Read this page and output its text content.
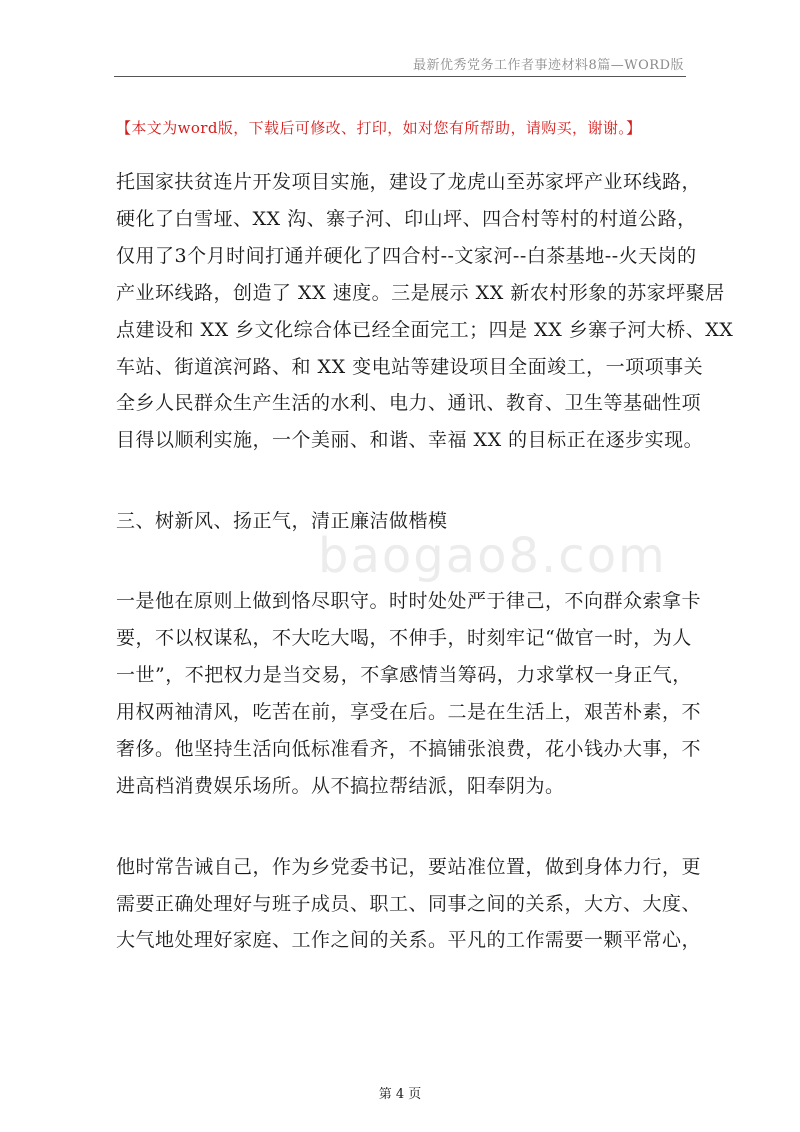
最新优秀党务工作者事迹材料8篇—WORD版
【本文为word版，下载后可修改、打印，如对您有所帮助，请购买，谢谢。】
托国家扶贫连片开发项目实施，建设了龙虎山至苏家坪产业环线路，
硬化了白雪垭、XX 沟、寨子河、印山坪、四合村等村的村道公路，
仅用了3个月时间打通并硬化了四合村--文家河--白茶基地--火天岗的
产业环线路，创造了 XX 速度。三是展示 XX 新农村形象的苏家坪聚居
点建设和 XX 乡文化综合体已经全面完工；四是 XX 乡寨子河大桥、XX
车站、街道滨河路、和 XX 变电站等建设项目全面竣工，一项项事关
全乡人民群众生产生活的水利、电力、通讯、教育、卫生等基础性项
目得以顺利实施，一个美丽、和谐、幸福 XX 的目标正在逐步实现。
三、树新风、扬正气，清正廉洁做楷模
一是他在原则上做到恪尽职守。时时处处严于律己，不向群众索拿卡
要，不以权谋私，不大吃大喝，不伸手，时刻牢记“做官一时，为人
一世”，不把权力是当交易，不拿感情当筹码，力求掌权一身正气，
用权两袖清风，吃苦在前，享受在后。二是在生活上，艰苦朴素，不
奢侈。他坚持生活向低标准看齐，不搞铺张浪费，花小钱办大事，不
进高档消费娱乐场所。从不搞拉帮结派，阳奉阴为。
他时常告诫自己，作为乡党委书记，要站准位置，做到身体力行，更
需要正确处理好与班子成员、职工、同事之间的关系，大方、大度、
大气地处理好家庭、工作之间的关系。平凡的工作需要一颗平常心，
baogao8.com
第 4 页
